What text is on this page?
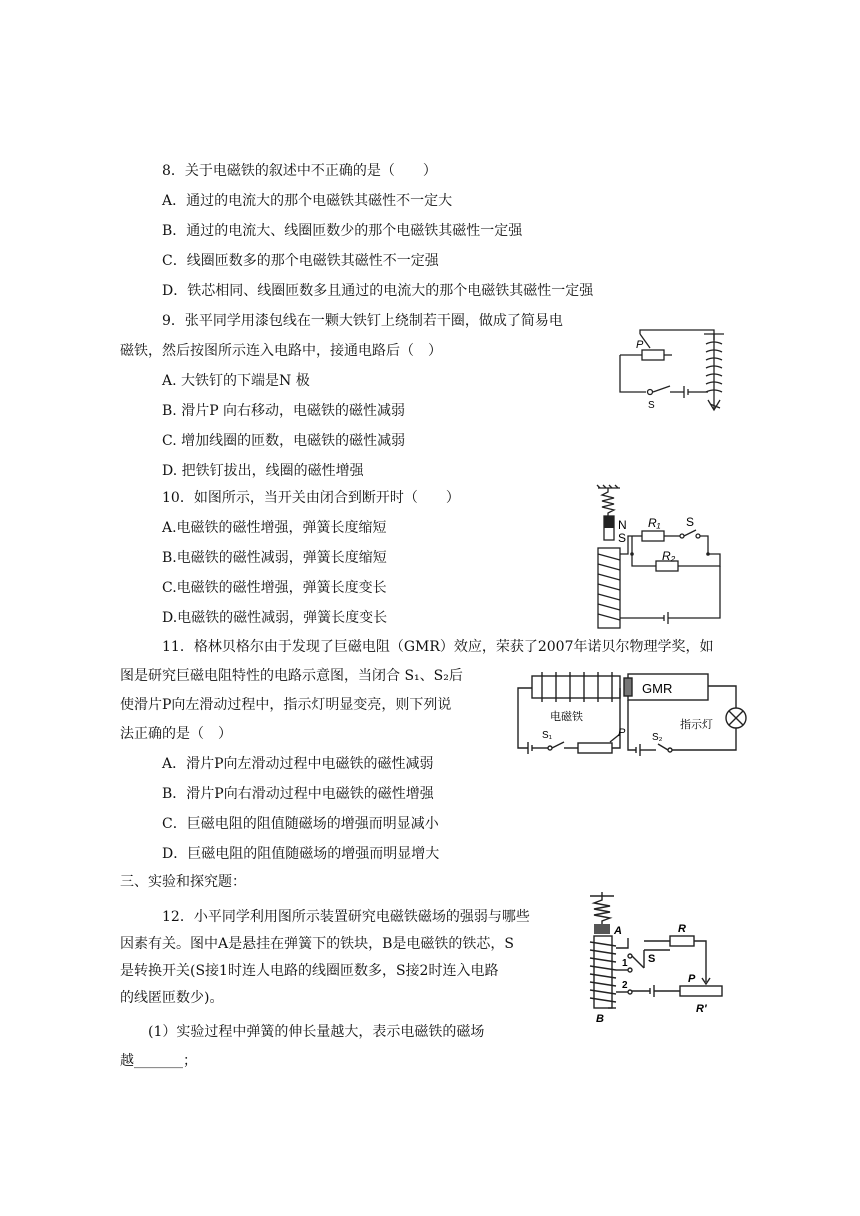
8．关于电磁铁的叙述中不正确的是（　　）
A．通过的电流大的那个电磁铁其磁性不一定大
B．通过的电流大、线圈匝数少的那个电磁铁其磁性一定强
C．线圈匝数多的那个电磁铁其磁性不一定强
D．铁芯相同、线圈匝数多且通过的电流大的那个电磁铁其磁性一定强
9．张平同学用漆包线在一颗大铁钉上绕制若干圈，做成了简易电
磁铁，然后按图所示连入电路中，接通电路后（　）
A. 大铁钉的下端是N 极
B. 滑片P 向右移动，电磁铁的磁性减弱
C. 增加线圈的匝数，电磁铁的磁性减弱
D. 把铁钉拔出，线圈的磁性增强
P
S
10．如图所示，当开关由闭合到断开时（　　）
A.电磁铁的磁性增强，弹簧长度缩短
B.电磁铁的磁性减弱，弹簧长度缩短
C.电磁铁的磁性增强，弹簧长度变长
D.电磁铁的磁性减弱，弹簧长度变长
N
S
R₁ S
R₂
11．格林贝格尔由于发现了巨磁电阻（GMR）效应，荣获了2007年诺贝尔物理学奖，如
图是研究巨磁电阻特性的电路示意图，当闭合 S₁、S₂后
使滑片P向左滑动过程中，指示灯明显变亮，则下列说
法正确的是（　）
A．滑片P向左滑动过程中电磁铁的磁性减弱
B．滑片P向右滑动过程中电磁铁的磁性增强
C．巨磁电阻的阻值随磁场的增强而明显减小
D．巨磁电阻的阻值随磁场的增强而明显增大
GMR
电磁铁
指示灯
S₁	S₂
P
三、实验和探究题：
12．小平同学利用图所示装置研究电磁铁磁场的强弱与哪些
因素有关。图中A是悬挂在弹簧下的铁块，B是电磁铁的铁芯，S
是转换开关(S接1时连人电路的线圈匝数多，S接2时连入电路
的线匿匝数少)。
(1）实验过程中弹簧的伸长量越大，表示电磁铁的磁场
越_______；
A
B
R
S
1
2
P
R′
